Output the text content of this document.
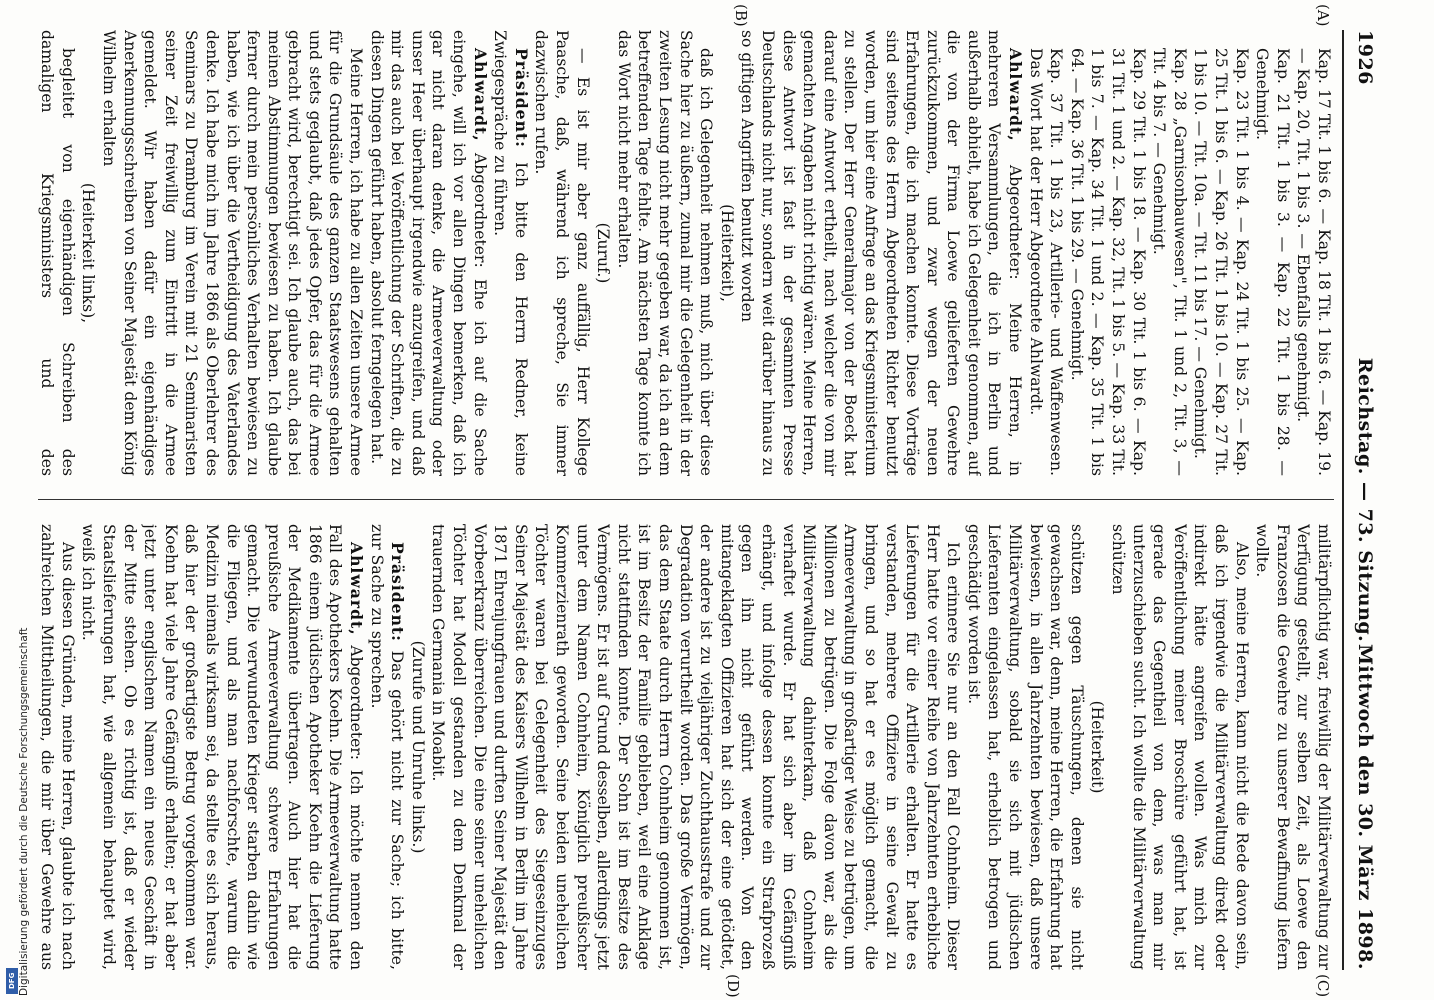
1926
Reichstag. — 73. Sitzung.
Mittwoch den 30. März 1898.
(A)
(B)
(C)
(D)

Kap. 17 Tit. 1 bis 6. — Kap. 18 Tit. 1 bis 6. — Kap. 19. — Kap. 20, Tit. 1 bis 3. — Ebenfalls genehmigt.

Kap. 21 Tit. 1 bis 3. — Kap. 22 Tit. 1 bis 28. — Genehmigt.

Kap. 23 Tit. 1 bis 4. — Kap. 24 Tit. 1 bis 25. — Kap. 25 Tit. 1 bis 6. — Kap. 26 Tit. 1 bis 10. — Kap. 27 Tit. 1 bis 10. — Tit. 10a. — Tit. 11 bis 17. — Genehmigt.

Kap. 28 „Garnisonbauwesen", Tit. 1 und 2, Tit. 3, — Tit. 4 bis 7. — Genehmigt.

Kap. 29 Tit. 1 bis 18. — Kap. 30 Tit. 1 bis 6. — Kap. 31 Tit. 1 und 2. — Kap. 32, Tit. 1 bis 5. — Kap. 33 Tit. 1 bis 7. — Kap. 34 Tit. 1 und 2. — Kap. 35 Tit. 1 bis 64. — Kap. 36 Tit. 1 bis 29. — Genehmigt.

Kap. 37 Tit. 1 bis 23, Artillerie- und Waffenwesen. Das Wort hat der Herr Abgeordnete Ahlwardt.

Ahlwardt, Abgeordneter: Meine Herren, in mehreren Versammlungen, die ich in Berlin und außerhalb abhielt, habe ich Gelegenheit genommen, auf die von der Firma Loewe gelieferten Gewehre zurückzukommen, und zwar wegen der neuen Erfahrungen, die ich machen konnte. Diese Vorträge sind seitens des Herrn Abgeordneten Richter benutzt worden, um hier eine Anfrage an das Kriegsministerium zu stellen. Der Herr Generalmajor von der Boeck hat darauf eine Antwort ertheilt, nach welcher die von mir gemachten Angaben nicht richtig wären. Meine Herren, diese Antwort ist fast in der gesammten Presse Deutschlands nicht nur, sondern weit darüber hinaus zu so giftigen Angriffen benutzt worden

(Heiterkeit),

daß ich Gelegenheit nehmen muß, mich über diese Sache hier zu äußern, zumal mir die Gelegenheit in der zweiten Lesung nicht mehr gegeben war, da ich an dem betreffenden Tage fehlte. Am nächsten Tage konnte ich das Wort nicht mehr erhalten.

(Zuruf.)

— Es ist mir aber ganz auffällig, Herr Kollege Paasche, daß, während ich spreche, Sie immer dazwischen rufen.

Präsident: Ich bitte den Herrn Redner, keine Zwiegespräche zu führen.

Ahlwardt, Abgeordneter: Ehe ich auf die Sache eingehe, will ich vor allen Dingen bemerken, daß ich gar nicht daran denke, die Armeeverwaltung oder unser Heer überhaupt irgendwie anzugreifen, und daß mir das auch bei Veröffentlichung der Schriften, die zu diesen Dingen geführt haben, absolut ferngelegen hat.

Meine Herren, ich habe zu allen Zeiten unsere Armee für die Grundsäule des ganzen Staatswesens gehalten und stets geglaubt, daß jedes Opfer, das für die Armee gebracht wird, berechtigt sei. Ich glaube auch, das bei meinen Abstimmungen bewiesen zu haben. Ich glaube ferner durch mein persönliches Verhalten bewiesen zu haben, wie ich über die Vertheidigung des Vaterlandes denke. Ich habe mich im Jahre 1866 als Oberlehrer des Seminars zu Dramburg im Verein mit 21 Seminaristen seiner Zeit freiwillig zum Eintritt in die Armee gemeldet. Wir haben dafür ein eigenhändiges Anerkennungsschreiben von Seiner Majestät dem König Wilhelm erhalten

(Heiterkeit links),

begleitet von eigenhändigen Schreiben des damaligen Kriegsministers und des

militärpflichtig war, freiwillig der Militärverwaltung zur Verfügung gestellt, zur selben Zeit, als Loewe den Franzosen die Gewehre zu unserer Bewaffnung liefern wollte.

Also, meine Herren, kann nicht die Rede davon sein, daß ich irgendwie die Militärverwaltung direkt oder indirekt hätte angreifen wollen. Was mich zur Veröffentlichung meiner Broschüre geführt hat, ist gerade das Gegentheil von dem, was man mir unterzuschieben sucht. Ich wollte die Militärverwaltung schützen

(Heiterkeit)

schützen gegen Täuschungen, denen sie nicht gewachsen war, denn, meine Herren, die Erfahrung hat bewiesen, in allen Jahrzehnten bewiesen, daß unsere Militärverwaltung, sobald sie sich mit jüdischen Lieferanten eingelassen hat, erheblich betrogen und geschädigt worden ist.

Ich erinnere Sie nur an den Fall Cohnheim. Dieser Herr hatte vor einer Reihe von Jahrzehnten erhebliche Lieferungen für die Artillerie erhalten. Er hatte es verstanden, mehrere Offiziere in seine Gewalt zu bringen, und so hat er es möglich gemacht, die Armeeverwaltung in großartiger Weise zu betrügen, um Millionen zu betrügen. Die Folge davon war, als die Militärverwaltung dahinterkam, daß Cohnheim verhaftet wurde. Er hat sich aber im Gefängniß erhängt, und infolge dessen konnte ein Strafprozeß gegen ihn nicht geführt werden. Von den mitangeklagten Offizieren hat sich der eine getödtet, der andere ist zu vieljähriger Zuchthausstrafe und zur Degradation verurtheilt worden. Das große Vermögen, das dem Staate durch Herrn Cohnheim genommen ist, ist im Besitz der Familie geblieben, weil eine Anklage nicht stattfinden konnte. Der Sohn ist im Besitze des Vermögens. Er ist auf Grund desselben, allerdings jetzt unter dem Namen Cohnheim, Königlich preußischer Kommerzienrath geworden. Seine beiden unehelichen Töchter waren bei Gelegenheit des Siegeseinzuges Seiner Majestät des Kaisers Wilhelm in Berlin im Jahre 1871 Ehrenjungfrauen und durften Seiner Majestät den Vorbeerkranz überreichen. Die eine seiner unehelichen Töchter hat Modell gestanden zu dem Denkmal der trauernden Germania in Moabit.

(Zurufe und Unruhe links.)

Präsident: Das gehört nicht zur Sache; ich bitte, zur Sache zu sprechen.

Ahlwardt, Abgeordneter: Ich möchte nennen den Fall des Apothekers Koehn. Die Armeeverwaltung hatte 1866 einem jüdischen Apotheker Koehn die Lieferung der Medikamente übertragen. Auch hier hat die preußische Armeeverwaltung schwere Erfahrungen gemacht. Die verwundeten Krieger starben dahin wie die Fliegen, und als man nachforschte, warum die Medizin niemals wirksam sei, da stellte es sich heraus, daß hier der großartigste Betrug vorgekommen war. Koehn hat viele Jahre Gefängniß erhalten; er hat aber jetzt unter englischem Namen ein neues Geschäft in der Mitte stehen. Ob es richtig ist, daß er wieder Staatslieferungen hat, wie allgemein behauptet wird, weiß ich nicht.

Aus diesen Gründen, meine Herren, glaubte ich nach zahlreichen Mittheilungen, die mir über Gewehre aus

DFG Digitalisierung gefördert durch die Deutsche Forschungsgemeinschaft
